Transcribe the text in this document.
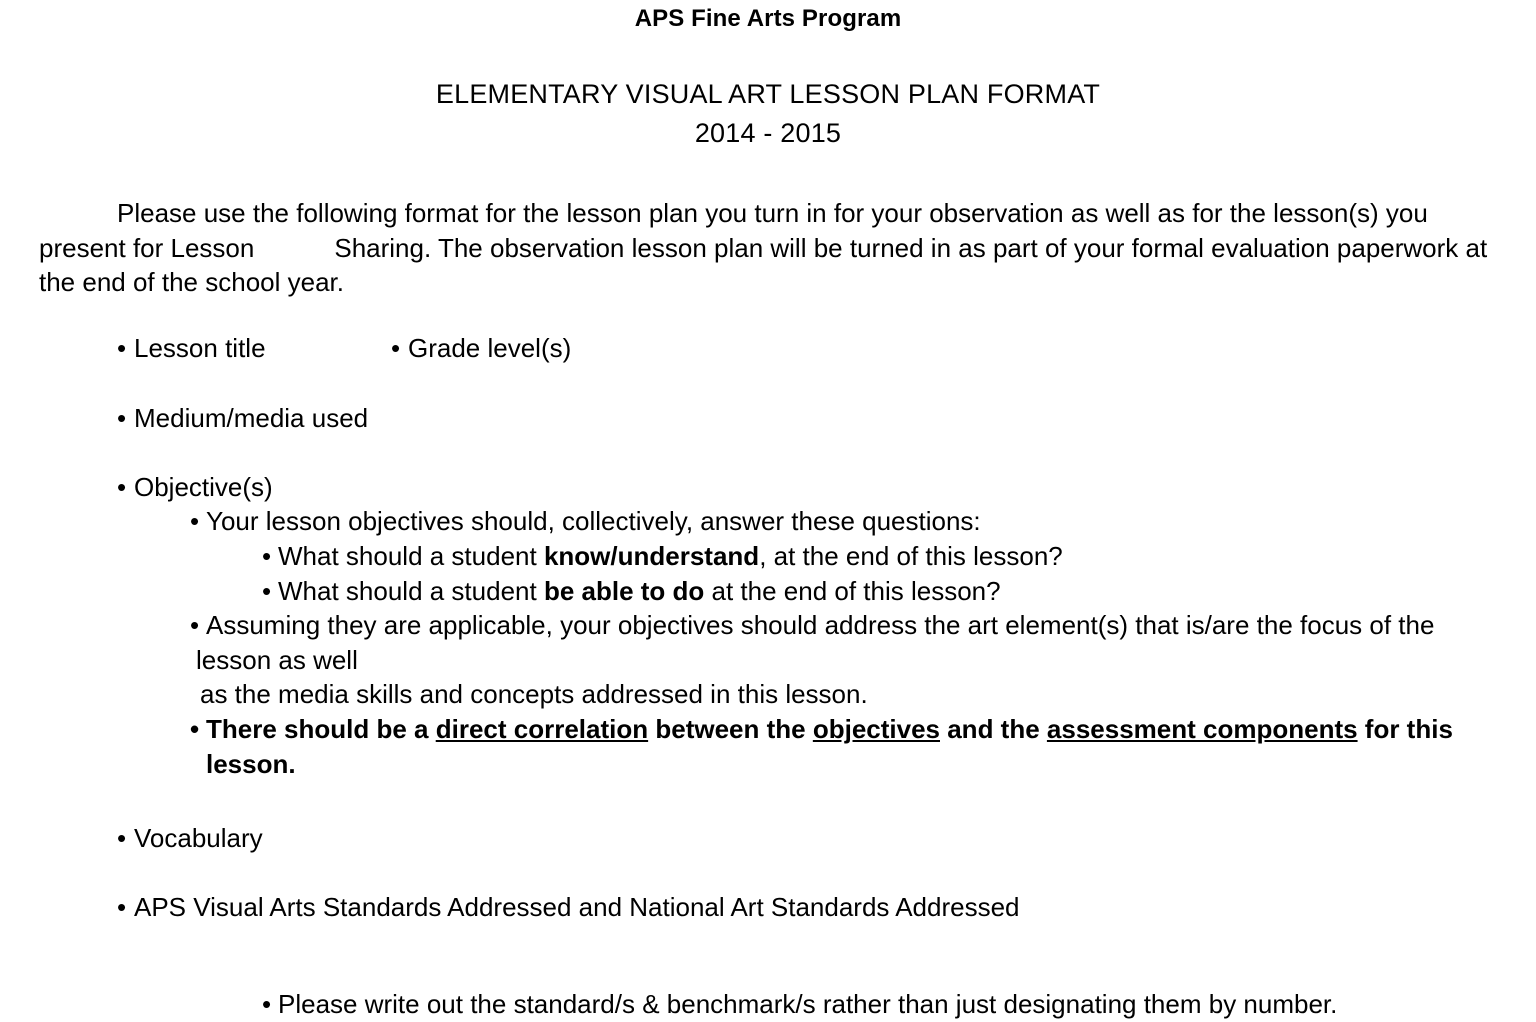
APS Fine Arts Program
ELEMENTARY VISUAL ART LESSON PLAN FORMAT
2014 - 2015
Please use the following format for the lesson plan you turn in for your observation as well as for the lesson(s) you present for Lesson	Sharing. The observation lesson plan will be turned in as part of your formal evaluation paperwork at the end of the school year.
• Lesson title	• Grade level(s)
• Medium/media used
• Objective(s)
• Your lesson objectives should, collectively, answer these questions:
• What should a student know/understand, at the end of this lesson?
• What should a student be able to do at the end of this lesson?
• Assuming they are applicable, your objectives should address the art element(s) that is/are the focus of the
lesson as well
as the media skills and concepts addressed in this lesson.
• There should be a direct correlation between the objectives and the assessment components for this lesson.
• Vocabulary
• APS Visual Arts Standards Addressed and National Art Standards Addressed
• Please write out the standard/s & benchmark/s rather than just designating them by number.
